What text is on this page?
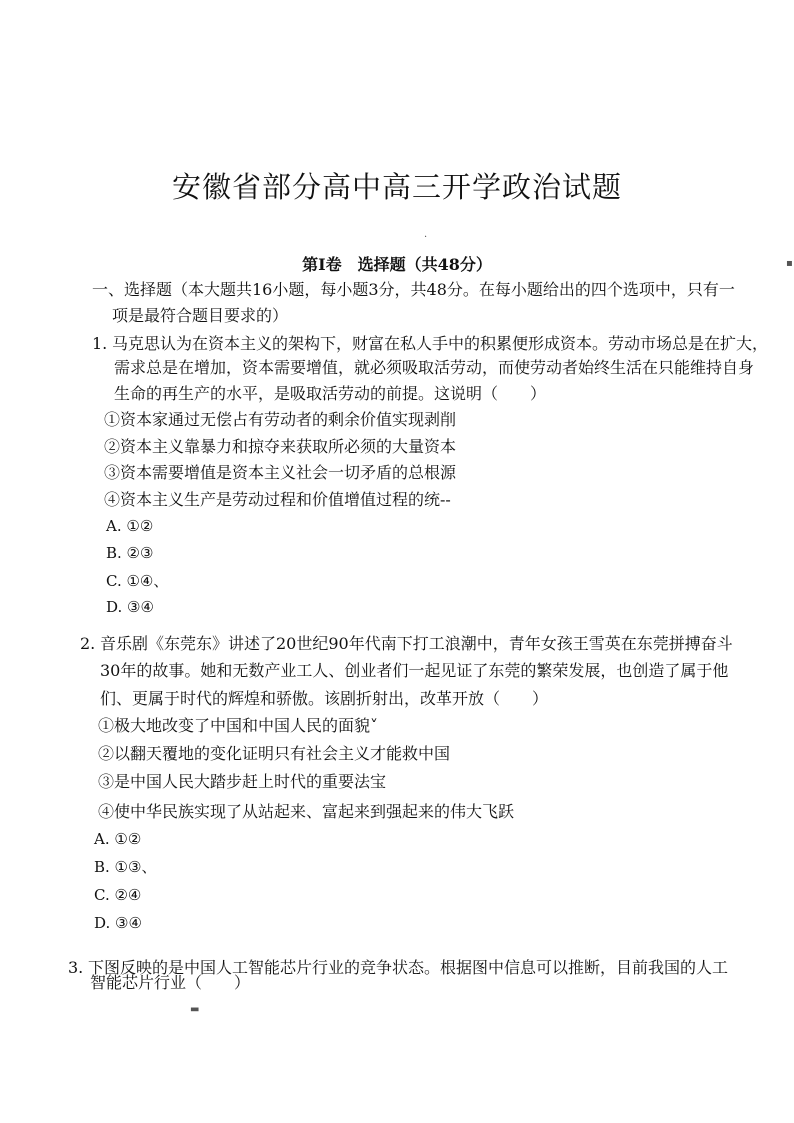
安徽省部分高中高三开学政治试题
·
第Ⅰ卷　选择题（共48分）
一、选择题（本大题共16小题，每小题3分，共48分。在每小题给出的四个选项中，只有一
项是最符合题目要求的）
1. 马克思认为在资本主义的架构下，财富在私人手中的积累便形成资本。劳动市场总是在扩大，
需求总是在增加，资本需要增值，就必须吸取活劳动，而使劳动者始终生活在只能维持自身
生命的再生产的水平，是吸取活劳动的前提。这说明（　　）
①资本家通过无偿占有劳动者的剩余价值实现剥削
②资本主义靠暴力和掠夺来获取所必须的大量资本
③资本需要增值是资本主义社会一切矛盾的总根源
④资本主义生产是劳动过程和价值增值过程的统--
A. ①②
B. ②③
C. ①④、
D. ③④
2. 音乐剧《东莞东》讲述了20世纪90年代南下打工浪潮中，青年女孩王雪英在东莞拼搏奋斗
30年的故事。她和无数产业工人、创业者们一起见证了东莞的繁荣发展，也创造了属于他
们、更属于时代的辉煌和骄傲。该剧折射出，改革开放（　　）
①极大地改变了中国和中国人民的面貌˅
②以翻天覆地的变化证明只有社会主义才能救中国
③是中国人民大踏步赶上时代的重要法宝
④使中华民族实现了从站起来、富起来到强起来的伟大飞跃
A. ①②
B. ①③、
C. ②④
D. ③④
3. 下图反映的是中国人工智能芯片行业的竞争状态。根据图中信息可以推断，目前我国的人工
智能芯片行业（　　）
▬
▪
